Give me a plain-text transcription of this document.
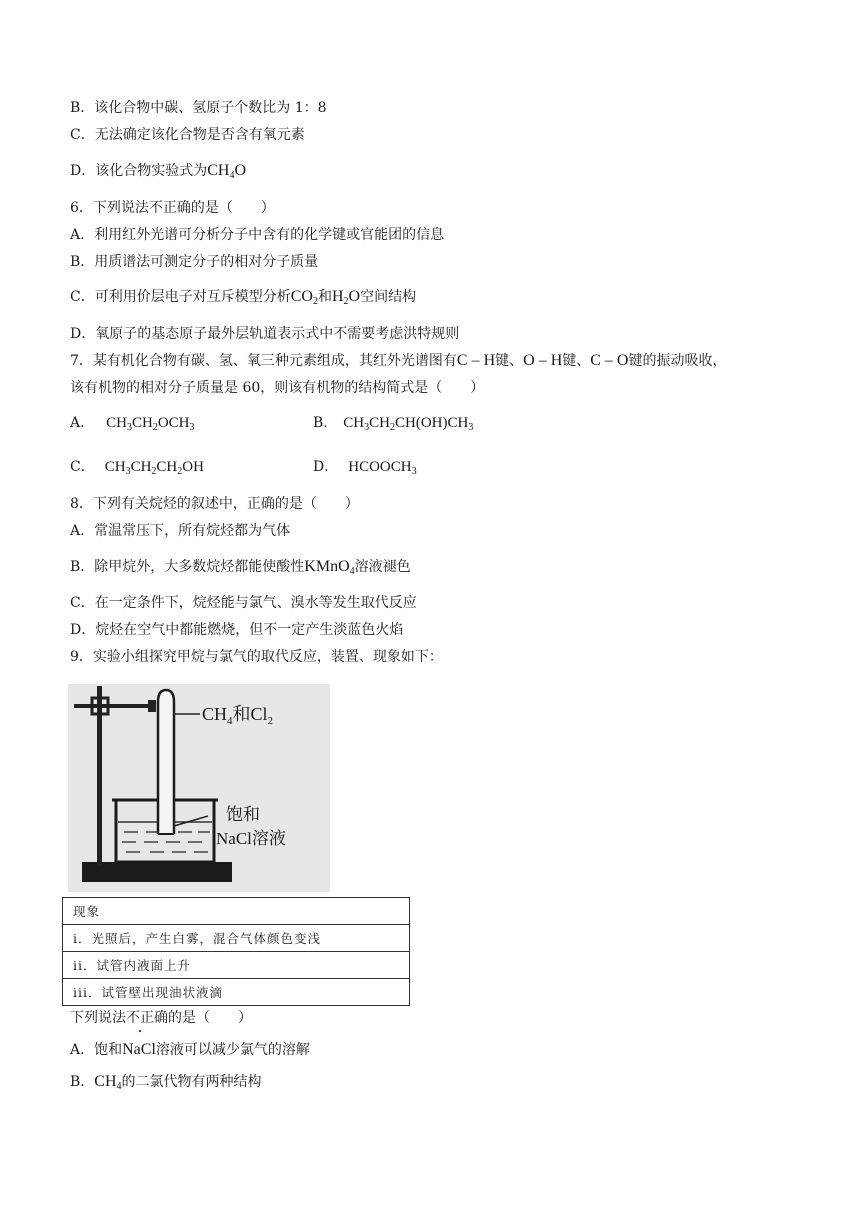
B．该化合物中碳、氢原子个数比为 1：8
C．无法确定该化合物是否含有氧元素
D．该化合物实验式为$CH_4O$
6．下列说法不正确的是（　　）
A．利用红外光谱可分析分子中含有的化学键或官能团的信息
B．用质谱法可测定分子的相对分子质量
C．可利用价层电子对互斥模型分析$CO_2$和$H_2O$空间结构
D．氧原子的基态原子最外层轨道表示式中不需要考虑洪特规则
7．某有机化合物有碳、氢、氧三种元素组成，其红外光谱图有C – H键、O – H键、C – O键的振动吸收，
该有机物的相对分子质量是 60，则该有机物的结构简式是（　　）
A． $CH_3CH_2OCH_3$	B． $CH_3CH_2CH(OH)CH_3$
C． $CH_3CH_2CH_2OH$	D． $HCOOCH_3$
8．下列有关烷烃的叙述中，正确的是（　　）
A．常温常压下，所有烷烃都为气体
B．除甲烷外，大多数烷烃都能使酸性KMnO$_4$溶液褪色
C．在一定条件下，烷烃能与氯气、溴水等发生取代反应
D．烷烃在空气中都能燃烧，但不一定产生淡蓝色火焰
9．实验小组探究甲烷与氯气的取代反应，装置、现象如下：
$CH_4$和$Cl_2$
饱和
NaCl溶液
现象
i．光照后，产生白雾，混合气体颜色变浅
ii．试管内液面上升
iii．试管壁出现油状液滴
下列说法不正确的是（　　）
A．饱和NaCl溶液可以减少氯气的溶解
B．$CH_4$的二氯代物有两种结构
